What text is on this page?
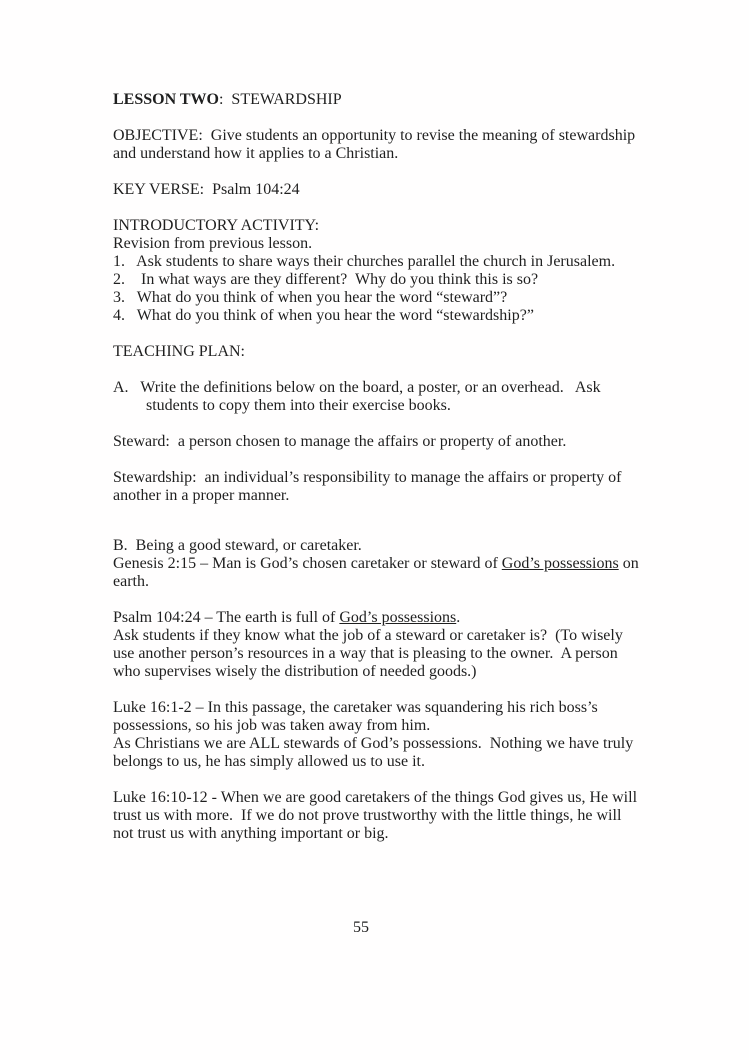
LESSON TWO:  STEWARDSHIP
OBJECTIVE:  Give students an opportunity to revise the meaning of stewardship
and understand how it applies to a Christian.
KEY VERSE:  Psalm 104:24
INTRODUCTORY ACTIVITY:
Revision from previous lesson.
1.   Ask students to share ways their churches parallel the church in Jerusalem.
2.    In what ways are they different?  Why do you think this is so?
3.   What do you think of when you hear the word “steward”?
4.   What do you think of when you hear the word “stewardship?”
TEACHING PLAN:
A.   Write the definitions below on the board, a poster, or an overhead.   Ask
students to copy them into their exercise books.
Steward:  a person chosen to manage the affairs or property of another.
Stewardship:  an individual’s responsibility to manage the affairs or property of
another in a proper manner.
B.  Being a good steward, or caretaker.
Genesis 2:15 – Man is God’s chosen caretaker or steward of God’s possessions on
earth.
Psalm 104:24 – The earth is full of God’s possessions.
Ask students if they know what the job of a steward or caretaker is?  (To wisely
use another person’s resources in a way that is pleasing to the owner.  A person
who supervises wisely the distribution of needed goods.)
Luke 16:1-2 – In this passage, the caretaker was squandering his rich boss’s
possessions, so his job was taken away from him.
As Christians we are ALL stewards of God’s possessions.  Nothing we have truly
belongs to us, he has simply allowed us to use it.
Luke 16:10-12 - When we are good caretakers of the things God gives us, He will
trust us with more.  If we do not prove trustworthy with the little things, he will
not trust us with anything important or big.
55
